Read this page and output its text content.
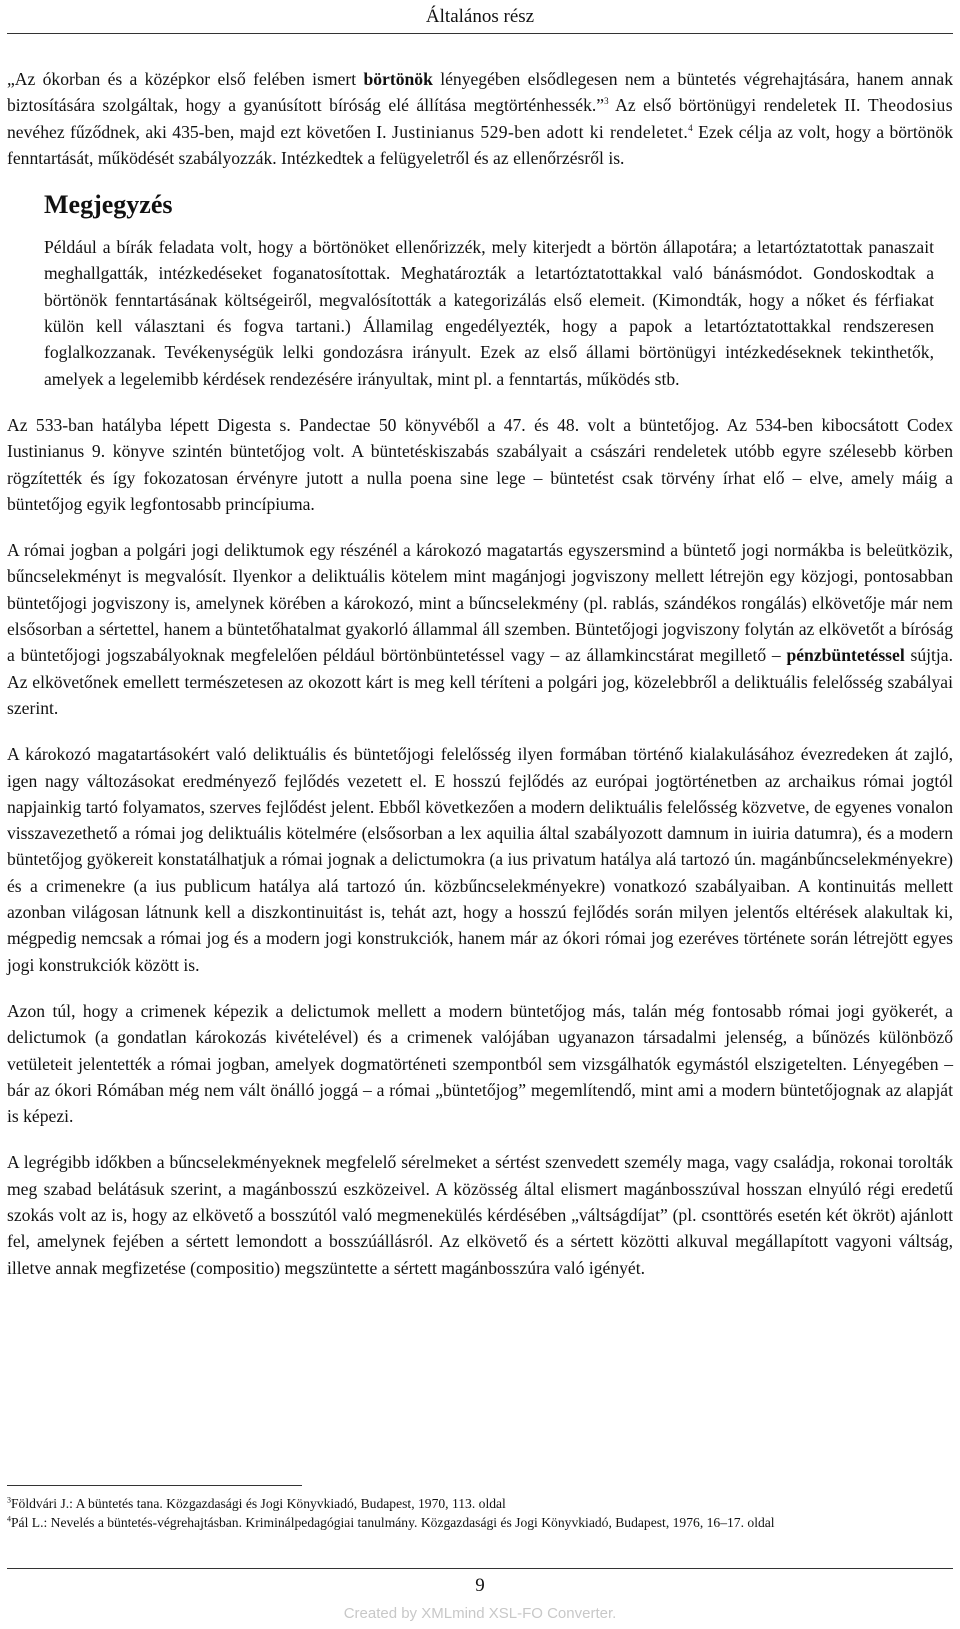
Általános rész

„Az ókorban és a középkor első felében ismert börtönök lényegében elsődlegesen nem a büntetés végrehajtására, hanem annak biztosítására szolgáltak, hogy a gyanúsított bíróság elé állítása megtörténhessék.”$^3$ Az első börtönügyi rendeletek II. Theodosius nevéhez fűződnek, aki 435-ben, majd ezt követően I. Justinianus 529-ben adott ki rendeletet.$^4$ Ezek célja az volt, hogy a börtönök fenntartását, működését szabályozzák. Intézkedtek a felügyeletről és az ellenőrzésről is.

Megjegyzés

Például a bírák feladata volt, hogy a börtönöket ellenőrizzék, mely kiterjedt a börtön állapotára; a letartóztatottak panaszait meghallgatták, intézkedéseket foganatosítottak. Meghatározták a letartóztatottakkal való bánásmódot. Gondoskodtak a börtönök fenntartásának költségeiről, megvalósították a kategorizálás első elemeit. (Kimondták, hogy a nőket és férfiakat külön kell választani és fogva tartani.) Államilag engedélyezték, hogy a papok a letartóztatottakkal rendszeresen foglalkozzanak. Tevékenységük lelki gondozásra irányult. Ezek az első állami börtönügyi intézkedéseknek tekinthetők, amelyek a legelemibb kérdések rendezésére irányultak, mint pl. a fenntartás, működés stb.

Az 533-ban hatályba lépett Digesta s. Pandectae 50 könyvéből a 47. és 48. volt a büntetőjog. Az 534-ben kibocsátott Codex Iustinianus 9. könyve szintén büntetőjog volt. A büntetéskiszabás szabályait a császári rendeletek utóbb egyre szélesebb körben rögzítették és így fokozatosan érvényre jutott a nulla poena sine lege – büntetést csak törvény írhat elő – elve, amely máig a büntetőjog egyik legfontosabb princípiuma.

A római jogban a polgári jogi deliktumok egy részénél a károkozó magatartás egyszersmind a büntető jogi normákba is beleütközik, bűncselekményt is megvalósít. Ilyenkor a deliktuális kötelem mint magánjogi jogviszony mellett létrejön egy közjogi, pontosabban büntetőjogi jogviszony is, amelynek körében a károkozó, mint a bűncselekmény (pl. rablás, szándékos rongálás) elkövetője már nem elsősorban a sértettel, hanem a büntetőhatalmat gyakorló állammal áll szemben. Büntetőjogi jogviszony folytán az elkövetőt a bíróság a büntetőjogi jogszabályoknak megfelelően például börtönbüntetéssel vagy – az államkincstárat megillető – pénzbüntetéssel sújtja. Az elkövetőnek emellett természetesen az okozott kárt is meg kell téríteni a polgári jog, közelebbről a deliktuális felelősség szabályai szerint.

A károkozó magatartásokért való deliktuális és büntetőjogi felelősség ilyen formában történő kialakulásához évezredeken át zajló, igen nagy változásokat eredményező fejlődés vezetett el. E hosszú fejlődés az európai jogtörténetben az archaikus római jogtól napjainkig tartó folyamatos, szerves fejlődést jelent. Ebből következően a modern deliktuális felelősség közvetve, de egyenes vonalon visszavezethető a római jog deliktuális kötelmére (elsősorban a lex aquilia által szabályozott damnum in iuiria datumra), és a modern büntetőjog gyökereit konstatálhatjuk a római jognak a delictumokra (a ius privatum hatálya alá tartozó ún. magánbűncselekményekre) és a crimenekre (a ius publicum hatálya alá tartozó ún. közbűncselekményekre) vonatkozó szabályaiban. A kontinuitás mellett azonban világosan látnunk kell a diszkontinuitást is, tehát azt, hogy a hosszú fejlődés során milyen jelentős eltérések alakultak ki, mégpedig nemcsak a római jog és a modern jogi konstrukciók, hanem már az ókori római jog ezeréves története során létrejött egyes jogi konstrukciók között is.

Azon túl, hogy a crimenek képezik a delictumok mellett a modern büntetőjog más, talán még fontosabb római jogi gyökerét, a delictumok (a gondatlan károkozás kivételével) és a crimenek valójában ugyanazon társadalmi jelenség, a bűnözés különböző vetületeit jelentették a római jogban, amelyek dogmatörténeti szempontból sem vizsgálhatók egymástól elszigetelten. Lényegében – bár az ókori Rómában még nem vált önálló joggá – a római „büntetőjog” megemlítendő, mint ami a modern büntetőjognak az alapját is képezi.

A legrégibb időkben a bűncselekményeknek megfelelő sérelmeket a sértést szenvedett személy maga, vagy családja, rokonai torolták meg szabad belátásuk szerint, a magánbosszú eszközeivel. A közösség által elismert magánbosszúval hosszan elnyúló régi eredetű szokás volt az is, hogy az elkövető a bosszútól való megmenekülés kérdésében „váltságdíjat” (pl. csonttörés esetén két ökröt) ajánlott fel, amelynek fejében a sértett lemondott a bosszúállásról. Az elkövető és a sértett közötti alkuval megállapított vagyoni váltság, illetve annak megfizetése (compositio) megszüntette a sértett magánbosszúra való igényét.

$^3$Földvári J.: A büntetés tana. Közgazdasági és Jogi Könyvkiadó, Budapest, 1970, 113. oldal

$^4$Pál L.: Nevelés a büntetés-végrehajtásban. Kriminálpedagógiai tanulmány. Közgazdasági és Jogi Könyvkiadó, Budapest, 1976, 16–17. oldal

9
Created by XMLmind XSL-FO Converter.
